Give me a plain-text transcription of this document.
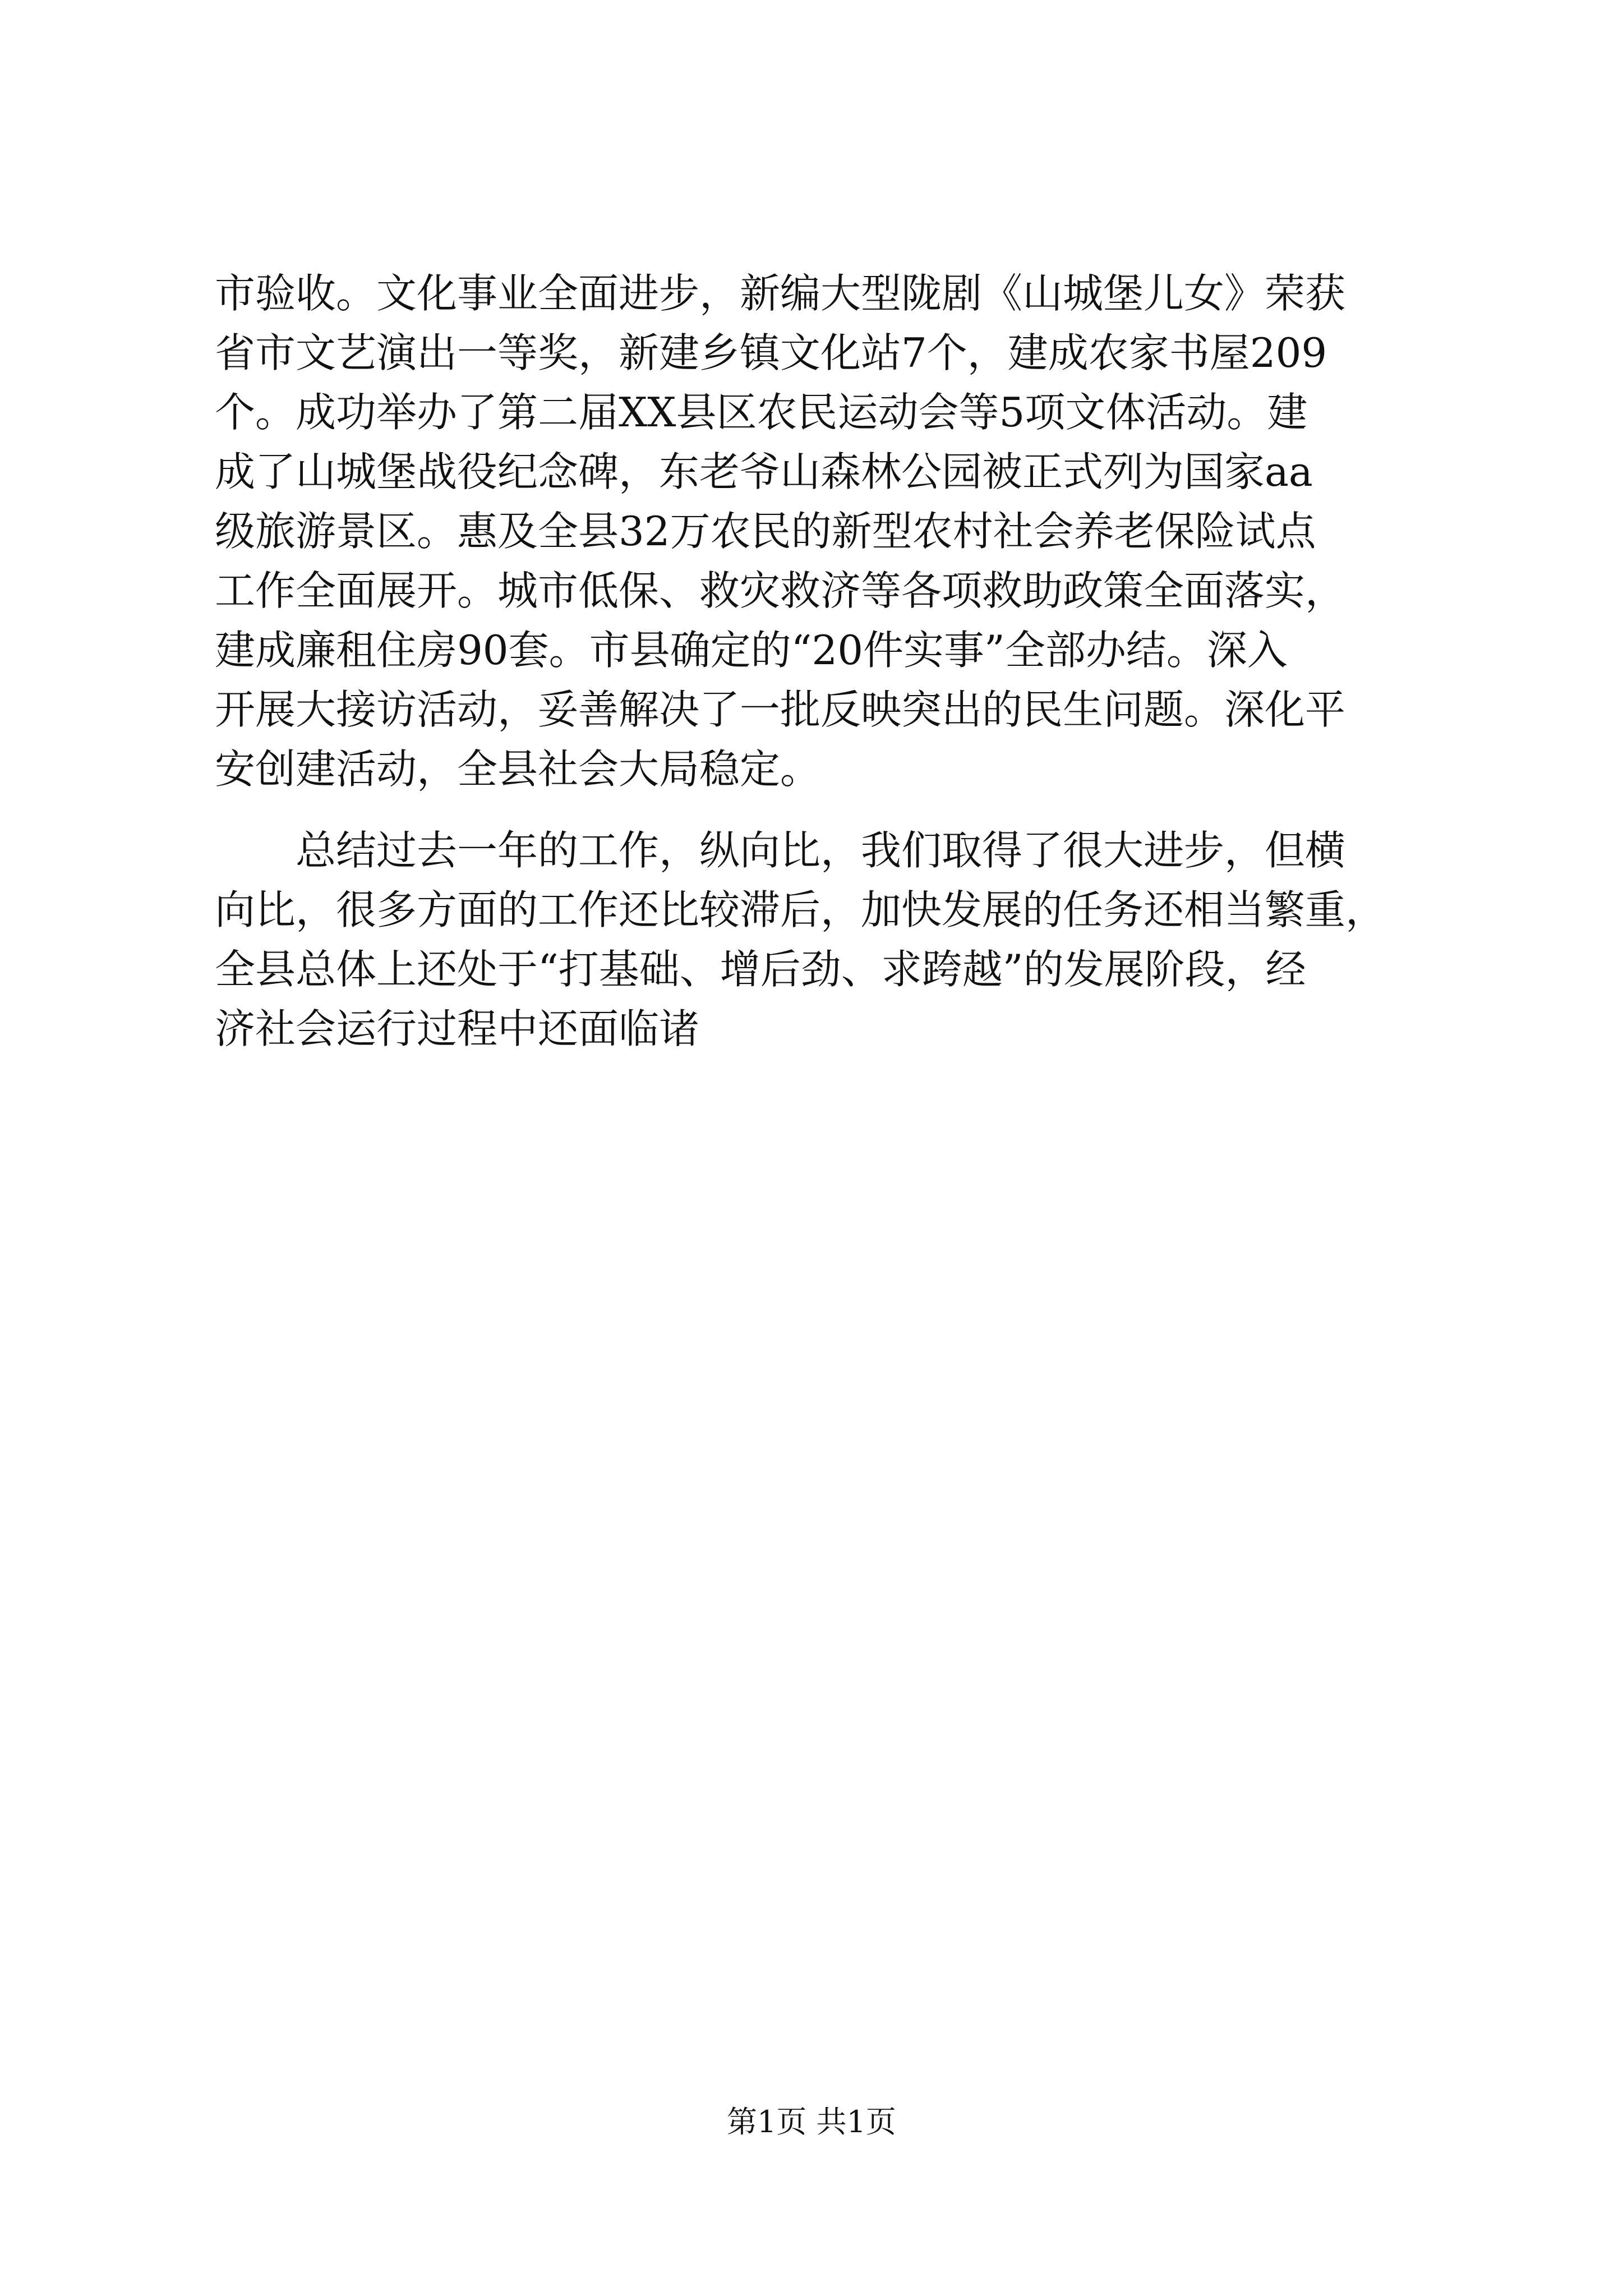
市验收。文化事业全面进步，新编大型陇剧《山城堡儿女》荣获
省市文艺演出一等奖，新建乡镇文化站7个，建成农家书屋209
个。成功举办了第二届XX县区农民运动会等5项文体活动。建
成了山城堡战役纪念碑，东老爷山森林公园被正式列为国家aa
级旅游景区。惠及全县32万农民的新型农村社会养老保险试点
工作全面展开。城市低保、救灾救济等各项救助政策全面落实，
建成廉租住房90套。市县确定的“20件实事”全部办结。深入
开展大接访活动，妥善解决了一批反映突出的民生问题。深化平
安创建活动，全县社会大局稳定。
　　总结过去一年的工作，纵向比，我们取得了很大进步，但横
向比，很多方面的工作还比较滞后，加快发展的任务还相当繁重，
全县总体上还处于“打基础、增后劲、求跨越”的发展阶段，经
济社会运行过程中还面临诸
第1页 共1页
